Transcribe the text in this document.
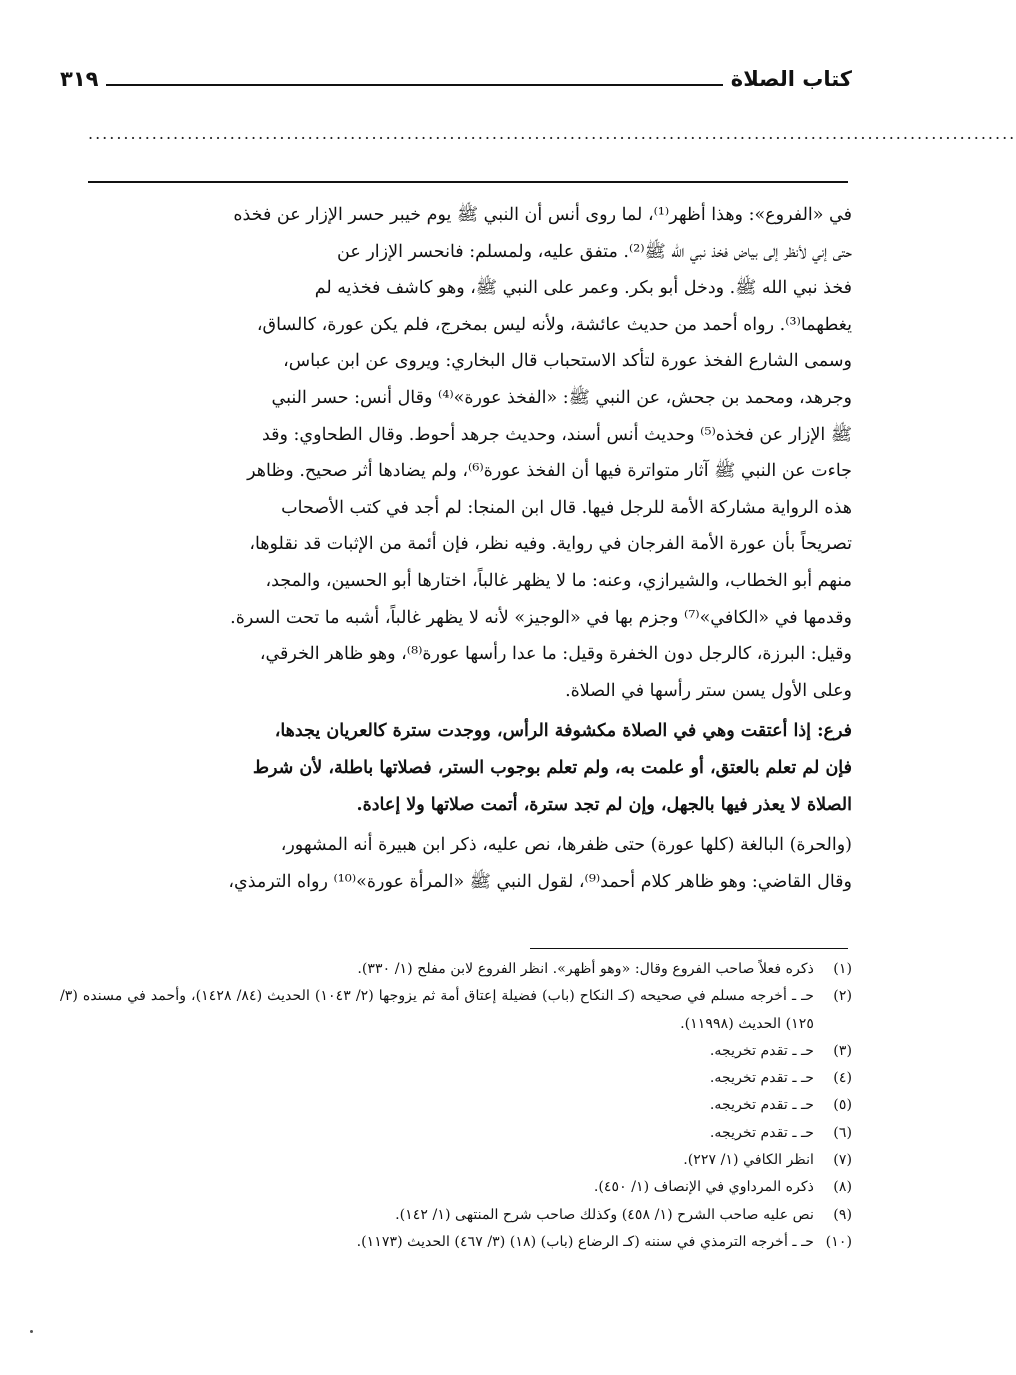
كتاب الصلاة
٣١٩
...................................................................................................................................

في «الفروع»: وهذا أظهر⁽¹⁾، لما روى أنس أن النبي ﷺ يوم خيبر حسر الإزار عن فخذه
حتى إني لأنظر إلى بياض فخذ نبي الله ﷺ⁽²⁾. متفق عليه، ولمسلم: فانحسر الإزار عن
فخذ نبي الله ﷺ. ودخل أبو بكر. وعمر على النبي ﷺ، وهو كاشف فخذيه لم
يغطهما⁽³⁾. رواه أحمد من حديث عائشة، ولأنه ليس بمخرج، فلم يكن عورة، كالساق،
وسمى الشارع الفخذ عورة لتأكد الاستحباب قال البخاري: ويروى عن ابن عباس،
وجرهد، ومحمد بن جحش، عن النبي ﷺ: «الفخذ عورة»⁽⁴⁾ وقال أنس: حسر النبي
ﷺ الإزار عن فخذه⁽⁵⁾ وحديث أنس أسند، وحديث جرهد أحوط. وقال الطحاوي: وقد
جاءت عن النبي ﷺ آثار متواترة فيها أن الفخذ عورة⁽⁶⁾، ولم يضادها أثر صحيح. وظاهر
هذه الرواية مشاركة الأمة للرجل فيها. قال ابن المنجا: لم أجد في كتب الأصحاب
تصريحاً بأن عورة الأمة الفرجان في رواية. وفيه نظر، فإن أئمة من الإثبات قد نقلوها،
منهم أبو الخطاب، والشيرازي، وعنه: ما لا يظهر غالباً، اختارها أبو الحسين، والمجد،
وقدمها في «الكافي»⁽⁷⁾ وجزم بها في «الوجيز» لأنه لا يظهر غالباً، أشبه ما تحت السرة.
وقيل: البرزة، كالرجل دون الخفرة وقيل: ما عدا رأسها عورة⁽⁸⁾، وهو ظاهر الخرقي،
وعلى الأول يسن ستر رأسها في الصلاة.

فرع: إذا أعتقت وهي في الصلاة مكشوفة الرأس، ووجدت سترة كالعريان يجدها،
فإن لم تعلم بالعتق، أو علمت به، ولم تعلم بوجوب الستر، فصلاتها باطلة، لأن شرط
الصلاة لا يعذر فيها بالجهل، وإن لم تجد سترة، أتمت صلاتها ولا إعادة.

(والحرة) البالغة (كلها عورة) حتى ظفرها، نص عليه، ذكر ابن هبيرة أنه المشهور،
وقال القاضي: وهو ظاهر كلام أحمد⁽⁹⁾، لقول النبي ﷺ «المرأة عورة»⁽¹⁰⁾ رواه الترمذي،

(١)
ذكره فعلاً صاحب الفروع وقال: «وهو أظهر». انظر الفروع لابن مفلح (١/ ٣٣٠).
(٢)
حـ ـ أخرجه مسلم في صحيحه (كـ النكاح (باب) فضيلة إعتاق أمة ثم يزوجها (٢/ ١٠٤٣) الحديث (٨٤/ ١٤٢٨)، وأحمد في مسنده (٣/ ١٢٥) الحديث (١١٩٩٨).
(٣)
حـ ـ تقدم تخريجه.
(٤)
حـ ـ تقدم تخريجه.
(٥)
حـ ـ تقدم تخريجه.
(٦)
حـ ـ تقدم تخريجه.
(٧)
انظر الكافي (١/ ٢٢٧).
(٨)
ذكره المرداوي في الإنصاف (١/ ٤٥٠).
(٩)
نص عليه صاحب الشرح (١/ ٤٥٨) وكذلك صاحب شرح المنتهى (١/ ١٤٢).
(١٠)
حـ ـ أخرجه الترمذي في سننه (كـ الرضاع (باب) (١٨) (٣/ ٤٦٧) الحديث (١١٧٣).
